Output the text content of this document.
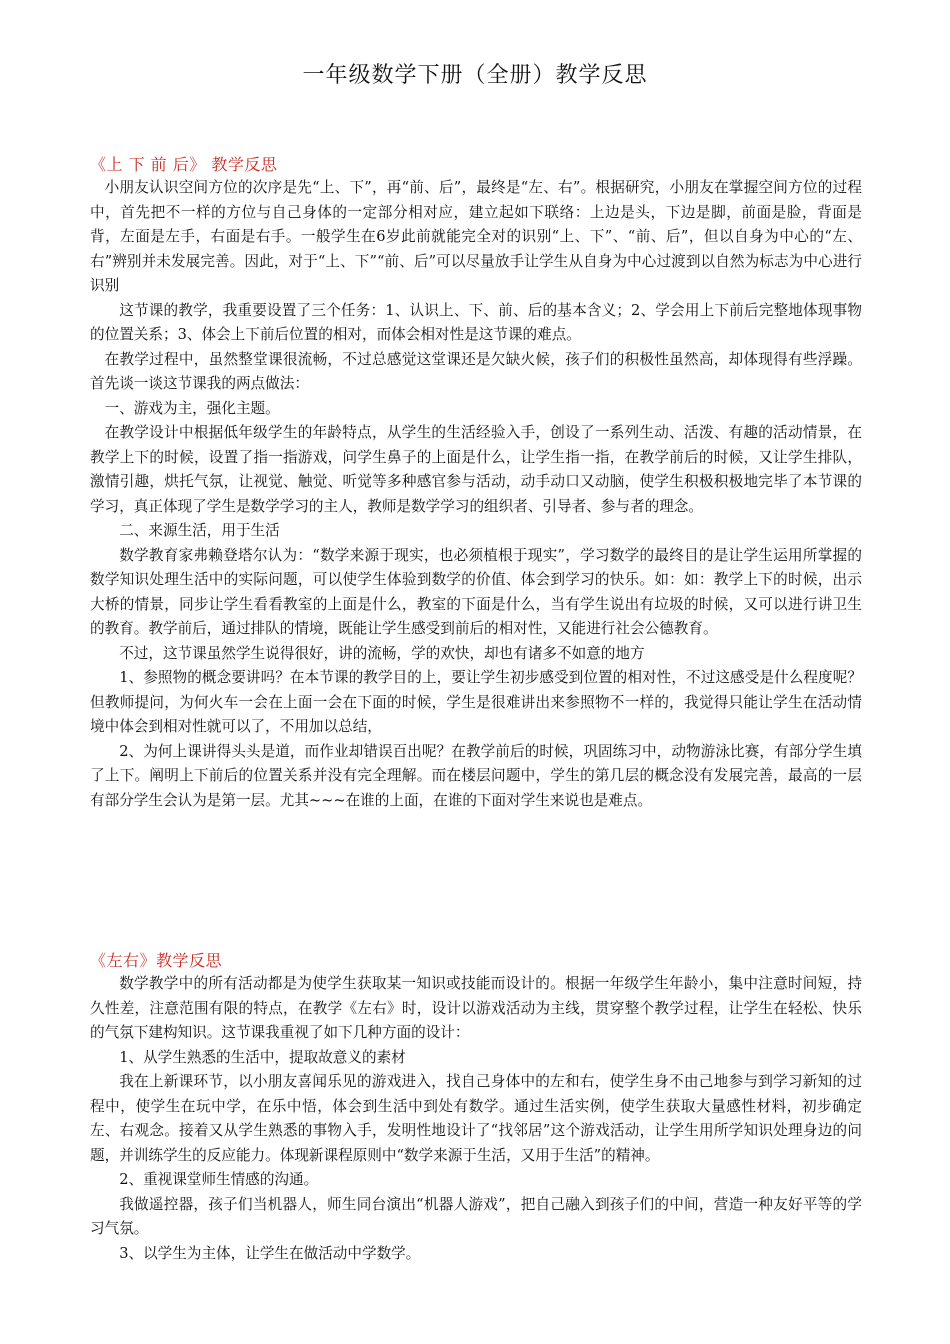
一年级数学下册（全册）教学反思
《上 下 前 后》 教学反思

小朋友认识空间方位的次序是先“上、下”，再“前、后”，最终是“左、右”。根据研究，小朋友在掌握空间方位的过程中，首先把不一样的方位与自己身体的一定部分相对应，建立起如下联络：上边是头，下边是脚，前面是脸，背面是背，左面是左手，右面是右手。一般学生在6岁此前就能完全对的识别“上、下”、“前、后”，但以自身为中心的“左、右”辨别并未发展完善。因此，对于“上、下”“前、后”可以尽量放手让学生从自身为中心过渡到以自然为标志为中心进行识别

这节课的教学，我重要设置了三个任务：1、认识上、下、前、后的基本含义；2、学会用上下前后完整地体现事物的位置关系；3、体会上下前后位置的相对，而体会相对性是这节课的难点。

在教学过程中，虽然整堂课很流畅，不过总感觉这堂课还是欠缺火候，孩子们的积极性虽然高，却体现得有些浮躁。首先谈一谈这节课我的两点做法：

一、游戏为主，强化主题。

在教学设计中根据低年级学生的年龄特点，从学生的生活经验入手，创设了一系列生动、活泼、有趣的活动情景，在教学上下的时候，设置了指一指游戏，问学生鼻子的上面是什么，让学生指一指，在教学前后的时候，又让学生排队，激情引趣，烘托气氛，让视觉、触觉、听觉等多种感官参与活动，动手动口又动脑，使学生积极积极地完毕了本节课的学习，真正体现了学生是数学学习的主人，教师是数学学习的组织者、引导者、参与者的理念。

二、来源生活，用于生活

数学教育家弗赖登塔尔认为：“数学来源于现实，也必须植根于现实”，学习数学的最终目的是让学生运用所掌握的数学知识处理生活中的实际问题，可以使学生体验到数学的价值、体会到学习的快乐。如：如：教学上下的时候，出示大桥的情景，同步让学生看看教室的上面是什么，教室的下面是什么，当有学生说出有垃圾的时候，又可以进行讲卫生的教育。教学前后，通过排队的情境，既能让学生感受到前后的相对性，又能进行社会公德教育。

不过，这节课虽然学生说得很好，讲的流畅，学的欢快，却也有诸多不如意的地方

1、参照物的概念要讲吗？在本节课的教学目的上，要让学生初步感受到位置的相对性，不过这感受是什么程度呢？但教师提问，为何火车一会在上面一会在下面的时候，学生是很难讲出来参照物不一样的，我觉得只能让学生在活动情境中体会到相对性就可以了，不用加以总结，

2、为何上课讲得头头是道，而作业却错误百出呢？在教学前后的时候，巩固练习中，动物游泳比赛，有部分学生填了上下。阐明上下前后的位置关系并没有完全理解。而在楼层问题中，学生的第几层的概念没有发展完善，最高的一层有部分学生会认为是第一层。尤其~~~在谁的上面，在谁的下面对学生来说也是难点。

《左右》教学反思

数学教学中的所有活动都是为使学生获取某一知识或技能而设计的。根据一年级学生年龄小，集中注意时间短，持久性差，注意范围有限的特点，在教学《左右》时，设计以游戏活动为主线，贯穿整个教学过程，让学生在轻松、快乐的气氛下建构知识。这节课我重视了如下几种方面的设计：

1、从学生熟悉的生活中，提取故意义的素材

我在上新课环节，以小朋友喜闻乐见的游戏进入，找自己身体中的左和右，使学生身不由己地参与到学习新知的过程中，使学生在玩中学，在乐中悟，体会到生活中到处有数学。通过生活实例，使学生获取大量感性材料，初步确定左、右观念。接着又从学生熟悉的事物入手，发明性地设计了“找邻居”这个游戏活动，让学生用所学知识处理身边的问题，并训练学生的反应能力。体现新课程原则中“数学来源于生活，又用于生活”的精神。

2、重视课堂师生情感的沟通。

我做遥控器，孩子们当机器人，师生同台演出“机器人游戏”，把自己融入到孩子们的中间，营造一种友好平等的学习气氛。

3、以学生为主体，让学生在做活动中学数学。
